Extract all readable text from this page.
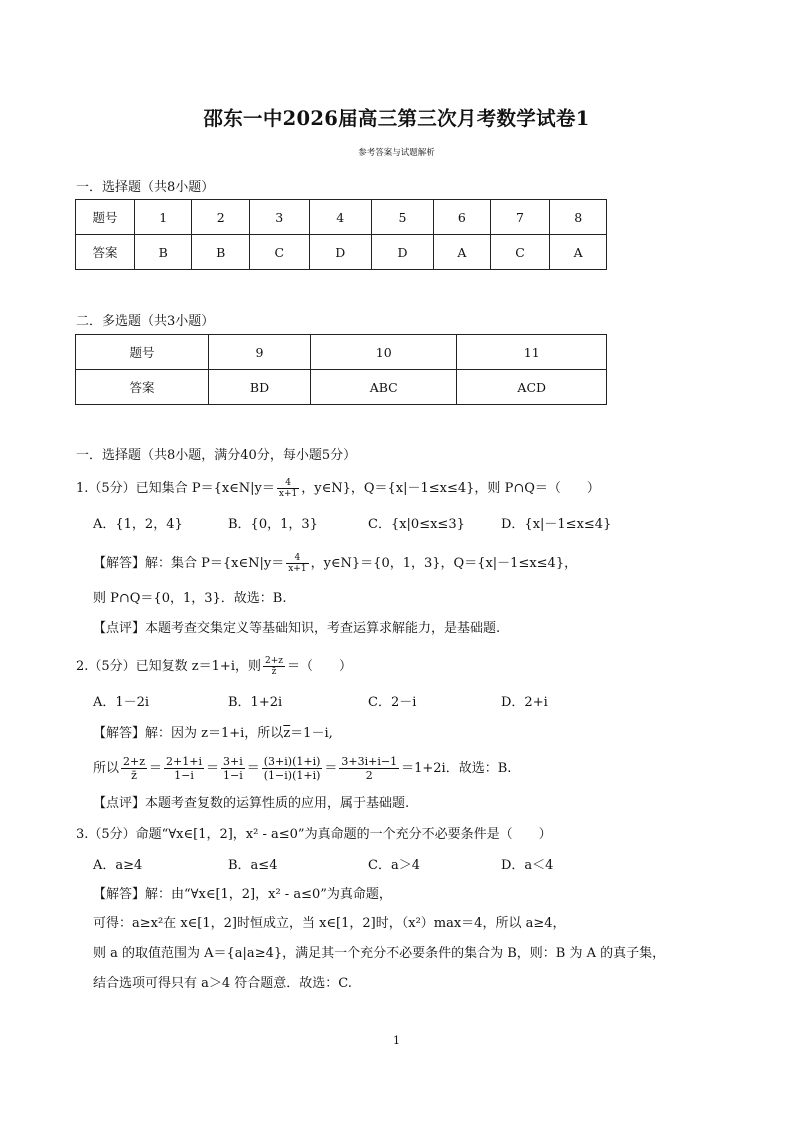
邵东一中2026届高三第三次月考数学试卷1
参考答案与试题解析
一．选择题（共8小题）
题号	1	2	3	4	5	6	7	8
答案	B	B	C	D	D	A	C	A
二．多选题（共3小题）
题号	9	10	11
答案	BD	ABC	ACD
一．选择题（共8小题，满分40分，每小题5分）
1.（5分）已知集合 P＝{x∈N|y＝ $\frac{4}{x+1}$ ，y∈N}，Q＝{x|－1≤x≤4}，则 P∩Q＝（　　）
A．{1，2，4}	B．{0，1，3}	C．{x|0≤x≤3}	D．{x|－1≤x≤4}
【解答】解：集合 P＝{x∈N|y＝ $\frac{4}{x+1}$ ，y∈N}＝{0，1，3}，Q＝{x|－1≤x≤4}，
则 P∩Q＝{0，1，3}．故选：B.
【点评】本题考查交集定义等基础知识，考查运算求解能力，是基础题.
2.（5分）已知复数 z＝1+i，则 $\frac{2+z}{z̄}$ ＝（　　）
A．1－2i	B．1+2i	C．2－i	D．2+i
【解答】解：因为 z＝1+i，所以$\overline{z}=1-i$,
所以 $\frac{2+z}{z̄} = \frac{2+1+i}{1-i} = \frac{3+i}{1-i} = \frac{(3+i)(1+i)}{(1-i)(1+i)} = \frac{3+3i+i-1}{2} =1+2i$．故选：B.
【点评】本题考查复数的运算性质的应用，属于基础题.
3.（5分）命题“∀x∈[1，2]，x² - a≤0”为真命题的一个充分不必要条件是（　　）
A．a≥4	B．a≤4	C．a＞4	D．a＜4
【解答】解：由“∀x∈[1，2]，x² - a≤0”为真命题，
可得：a≥x²在 x∈[1，2]时恒成立，当 x∈[1，2]时，（x²）max＝4，所以 a≥4，
则 a 的取值范围为 A＝{a|a≥4}，满足其一个充分不必要条件的集合为 B，则：B 为 A 的真子集，
结合选项可得只有 a＞4 符合题意．故选：C.
1
